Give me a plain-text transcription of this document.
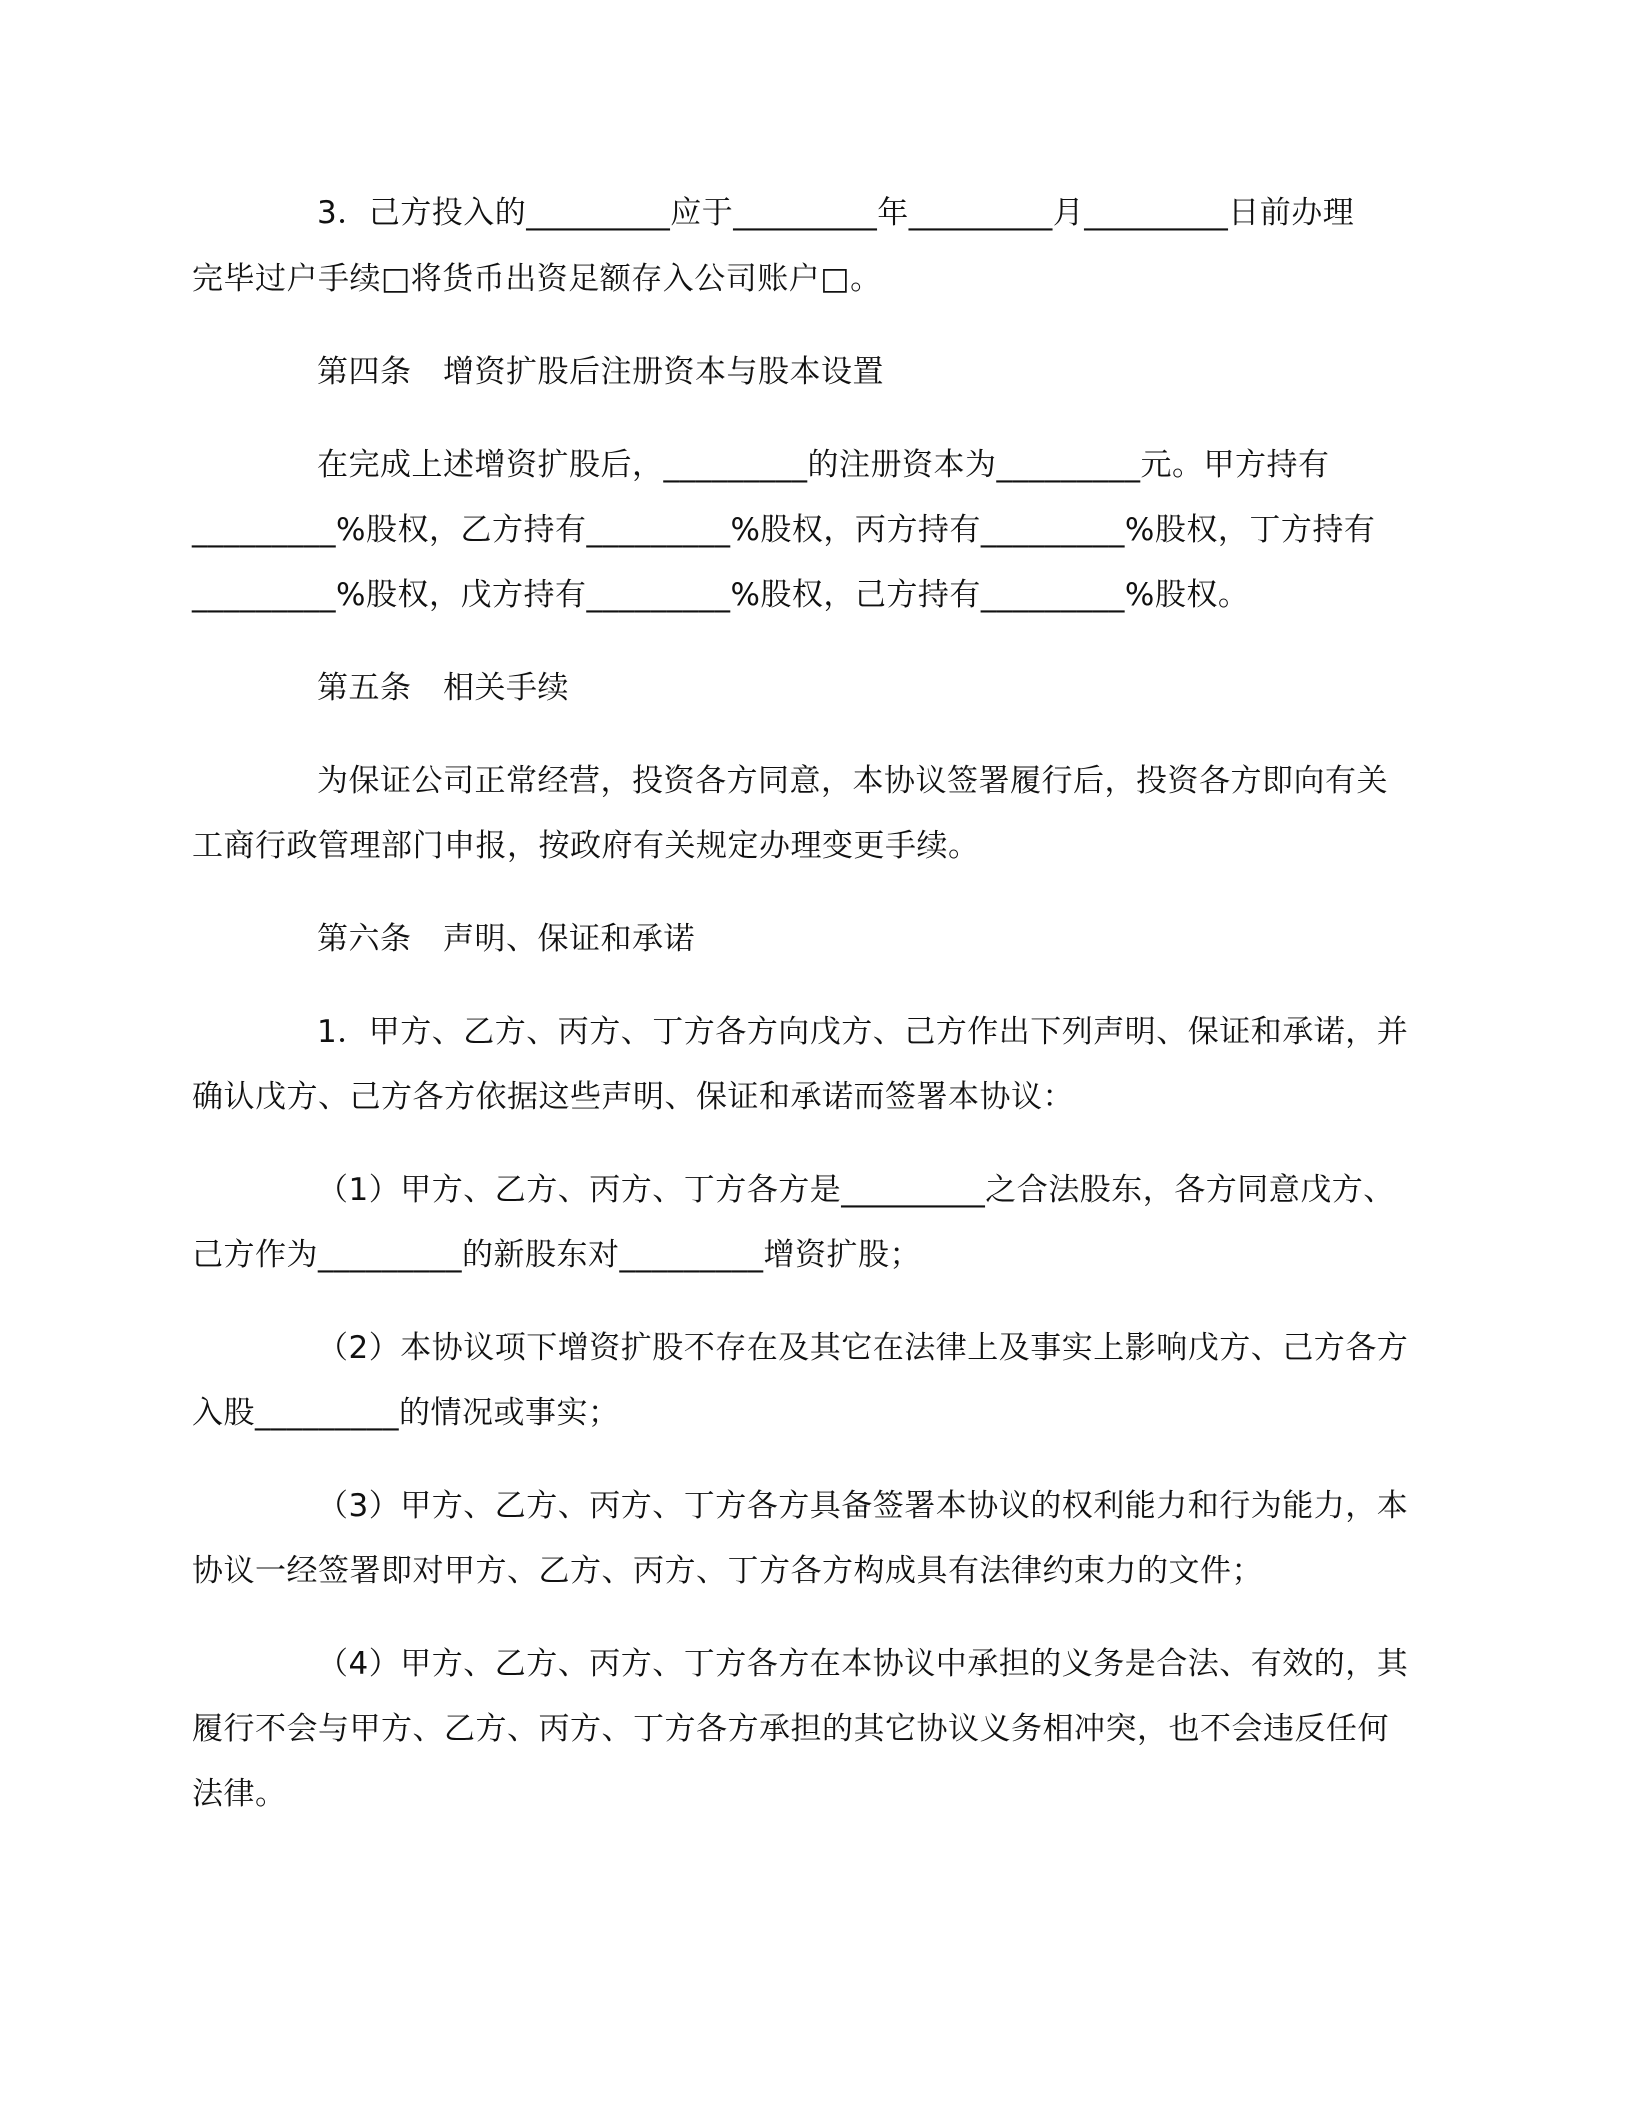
3．己方投入的_________应于_________年_________月_________日前办理
完毕过户手续□将货币出资足额存入公司账户□。
第四条　增资扩股后注册资本与股本设置
在完成上述增资扩股后，_________的注册资本为_________元。甲方持有
_________%股权，乙方持有_________%股权，丙方持有_________%股权，丁方持有
_________%股权，戊方持有_________%股权，己方持有_________%股权。
第五条　相关手续
为保证公司正常经营，投资各方同意，本协议签署履行后，投资各方即向有关
工商行政管理部门申报，按政府有关规定办理变更手续。
第六条　声明、保证和承诺
1．甲方、乙方、丙方、丁方各方向戊方、己方作出下列声明、保证和承诺，并
确认戊方、己方各方依据这些声明、保证和承诺而签署本协议：
（1）甲方、乙方、丙方、丁方各方是_________之合法股东，各方同意戊方、
己方作为_________的新股东对_________增资扩股；
（2）本协议项下增资扩股不存在及其它在法律上及事实上影响戊方、己方各方
入股_________的情况或事实；
（3）甲方、乙方、丙方、丁方各方具备签署本协议的权利能力和行为能力，本
协议一经签署即对甲方、乙方、丙方、丁方各方构成具有法律约束力的文件；
（4）甲方、乙方、丙方、丁方各方在本协议中承担的义务是合法、有效的，其
履行不会与甲方、乙方、丙方、丁方各方承担的其它协议义务相冲突，也不会违反任何
法律。
